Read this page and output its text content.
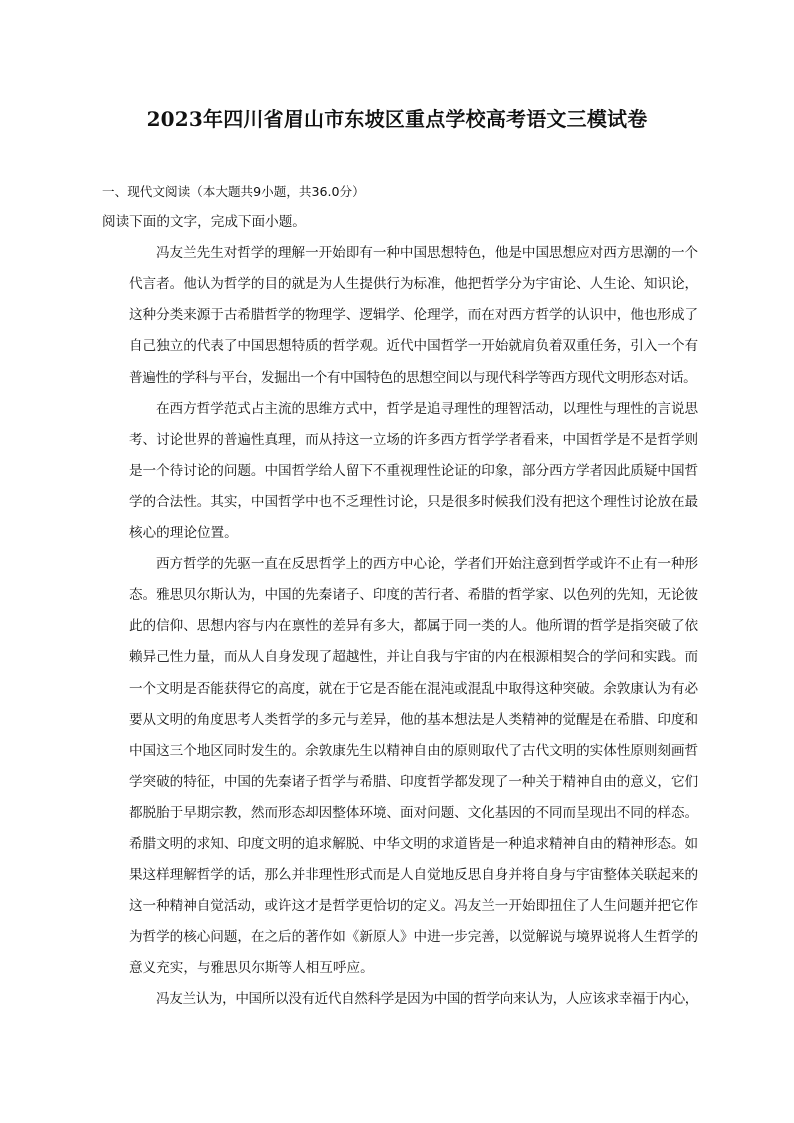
2023年四川省眉山市东坡区重点学校高考语文三模试卷
一、现代文阅读（本大题共9小题，共36.0分）
阅读下面的文字，完成下面小题。
冯友兰先生对哲学的理解一开始即有一种中国思想特色，他是中国思想应对西方思潮的一个
代言者。他认为哲学的目的就是为人生提供行为标准，他把哲学分为宇宙论、人生论、知识论，
这种分类来源于古希腊哲学的物理学、逻辑学、伦理学，而在对西方哲学的认识中，他也形成了
自己独立的代表了中国思想特质的哲学观。近代中国哲学一开始就肩负着双重任务，引入一个有
普遍性的学科与平台，发掘出一个有中国特色的思想空间以与现代科学等西方现代文明形态对话。
在西方哲学范式占主流的思维方式中，哲学是追寻理性的理智活动，以理性与理性的言说思
考、讨论世界的普遍性真理，而从持这一立场的许多西方哲学学者看来，中国哲学是不是哲学则
是一个待讨论的问题。中国哲学给人留下不重视理性论证的印象，部分西方学者因此质疑中国哲
学的合法性。其实，中国哲学中也不乏理性讨论，只是很多时候我们没有把这个理性讨论放在最
核心的理论位置。
西方哲学的先驱一直在反思哲学上的西方中心论，学者们开始注意到哲学或许不止有一种形
态。雅思贝尔斯认为，中国的先秦诸子、印度的苦行者、希腊的哲学家、以色列的先知，无论彼
此的信仰、思想内容与内在禀性的差异有多大，都属于同一类的人。他所谓的哲学是指突破了依
赖异己性力量，而从人自身发现了超越性，并让自我与宇宙的内在根源相契合的学问和实践。而
一个文明是否能获得它的高度，就在于它是否能在混沌或混乱中取得这种突破。余敦康认为有必
要从文明的角度思考人类哲学的多元与差异，他的基本想法是人类精神的觉醒是在希腊、印度和
中国这三个地区同时发生的。余敦康先生以精神自由的原则取代了古代文明的实体性原则刻画哲
学突破的特征，中国的先秦诸子哲学与希腊、印度哲学都发现了一种关于精神自由的意义，它们
都脱胎于早期宗教，然而形态却因整体环境、面对问题、文化基因的不同而呈现出不同的样态。
希腊文明的求知、印度文明的追求解脱、中华文明的求道皆是一种追求精神自由的精神形态。如
果这样理解哲学的话，那么并非理性形式而是人自觉地反思自身并将自身与宇宙整体关联起来的
这一种精神自觉活动，或许这才是哲学更恰切的定义。冯友兰一开始即扭住了人生问题并把它作
为哲学的核心问题，在之后的著作如《新原人》中进一步完善，以觉解说与境界说将人生哲学的
意义充实，与雅思贝尔斯等人相互呼应。
冯友兰认为，中国所以没有近代自然科学是因为中国的哲学向来认为，人应该求幸福于内心，
